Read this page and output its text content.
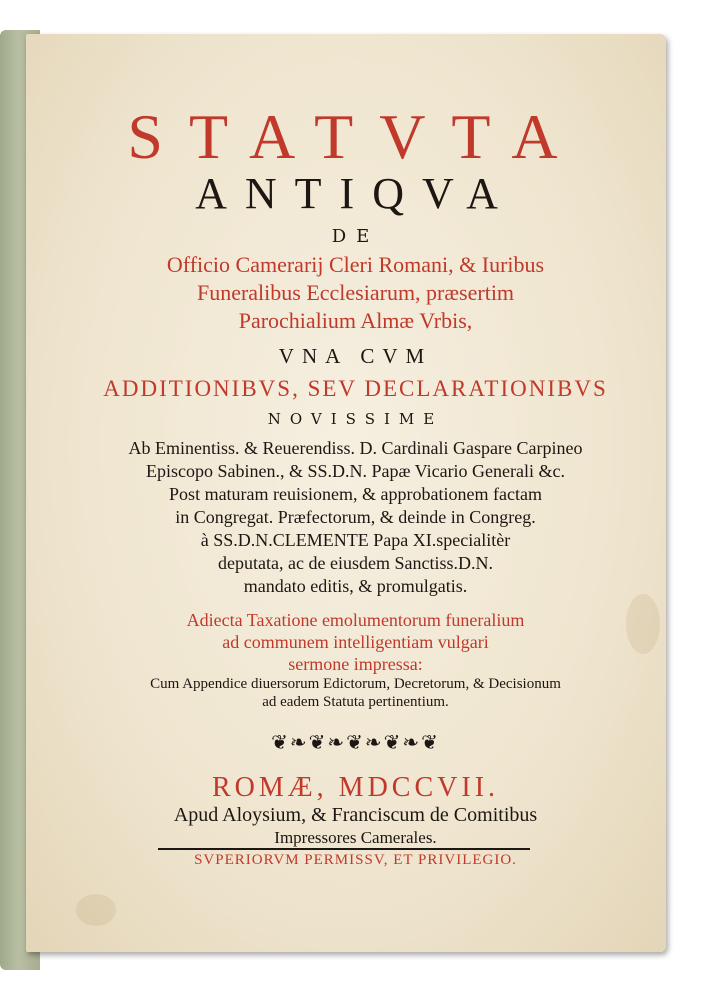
STATVTA
ANTIQVA
DE
Officio Camerarij Cleri Romani, & Iuribus
Funeralibus Ecclesiarum, præsertim
Parochialium Almæ Vrbis,
VNA CVM
ADDITIONIBVS, SEV DECLARATIONIBVS
NOVISSIME
Ab Eminentiss. & Reuerendiss. D. Cardinali Gaspare Carpineo
Episcopo Sabinen., & SS.D.N. Papæ Vicario Generali &c.
Post maturam reuisionem, & approbationem factam
in Congregat. Præfectorum, & deinde in Congreg.
à SS.D.N.CLEMENTE Papa XI.specialitèr
deputata, ac de eiusdem Sanctiss.D.N.
mandato editis, & promulgatis.
Adiecta Taxatione emolumentorum funeralium
ad communem intelligentiam vulgari
sermone impressa:
Cum Appendice diuersorum Edictorum, Decretorum, & Decisionum
ad eadem Statuta pertinentium.
❦❧❦❧❦❧❦❧❦
ROMÆ, MDCCVII.
Apud Aloysium, & Franciscum de Comitibus
Impressores Camerales.
SVPERIORVM PERMISSV, ET PRIVILEGIO.
